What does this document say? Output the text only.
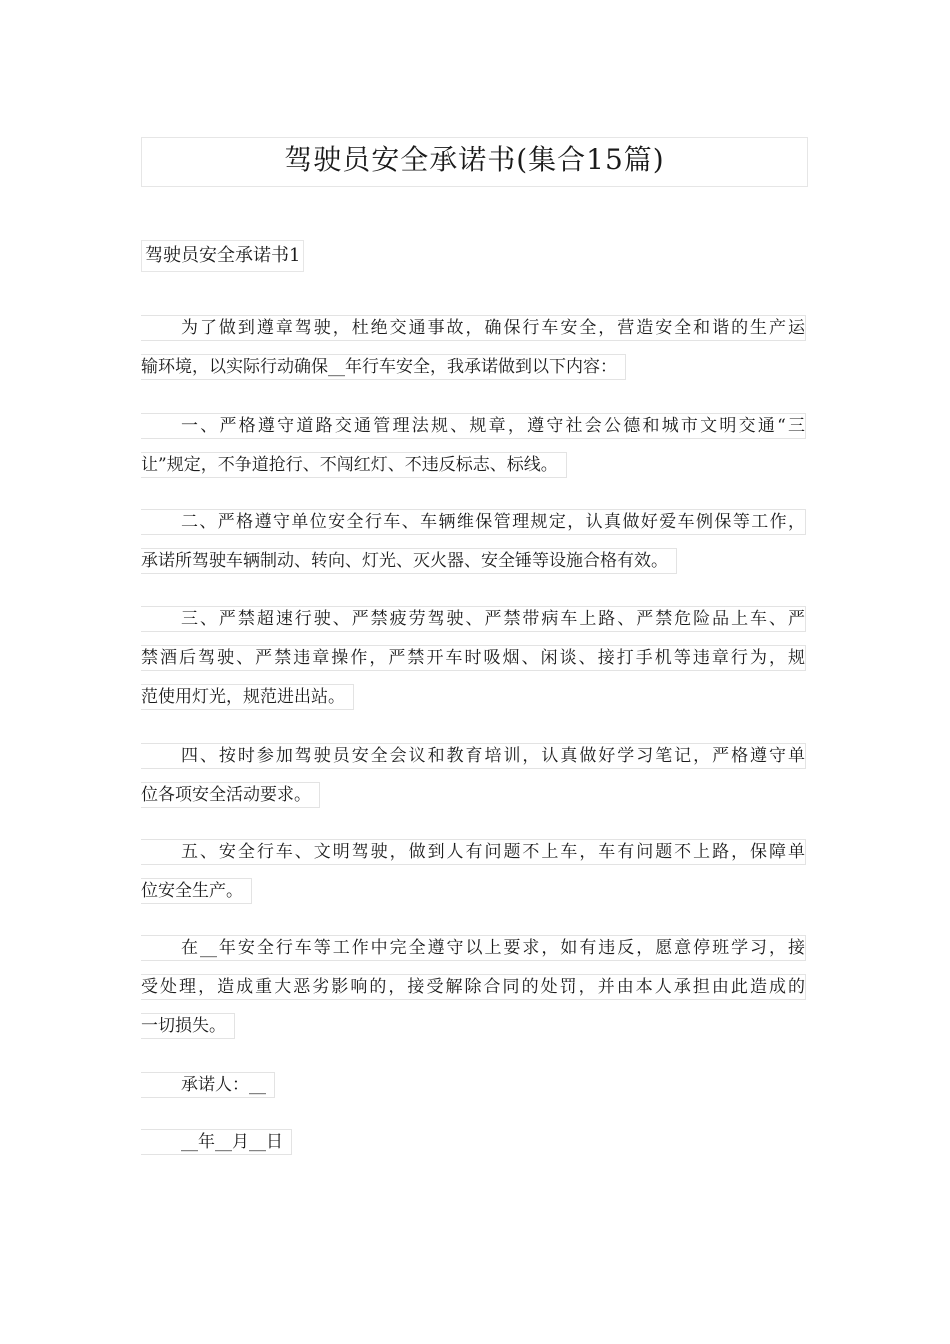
驾驶员安全承诺书(集合15篇)
驾驶员安全承诺书1
为了做到遵章驾驶，杜绝交通事故，确保行车安全，营造安全和谐的生产运
输环境，以实际行动确保__年行车安全，我承诺做到以下内容：
一、严格遵守道路交通管理法规、规章，遵守社会公德和城市文明交通“三
让”规定，不争道抢行、不闯红灯、不违反标志、标线。
二、严格遵守单位安全行车、车辆维保管理规定，认真做好爱车例保等工作，
承诺所驾驶车辆制动、转向、灯光、灭火器、安全锤等设施合格有效。
三、严禁超速行驶、严禁疲劳驾驶、严禁带病车上路、严禁危险品上车、严
禁酒后驾驶、严禁违章操作，严禁开车时吸烟、闲谈、接打手机等违章行为，规
范使用灯光，规范进出站。
四、按时参加驾驶员安全会议和教育培训，认真做好学习笔记，严格遵守单
位各项安全活动要求。
五、安全行车、文明驾驶，做到人有问题不上车，车有问题不上路，保障单
位安全生产。
在__年安全行车等工作中完全遵守以上要求，如有违反，愿意停班学习，接
受处理，造成重大恶劣影响的，接受解除合同的处罚，并由本人承担由此造成的
一切损失。
承诺人：__
__年__月__日
